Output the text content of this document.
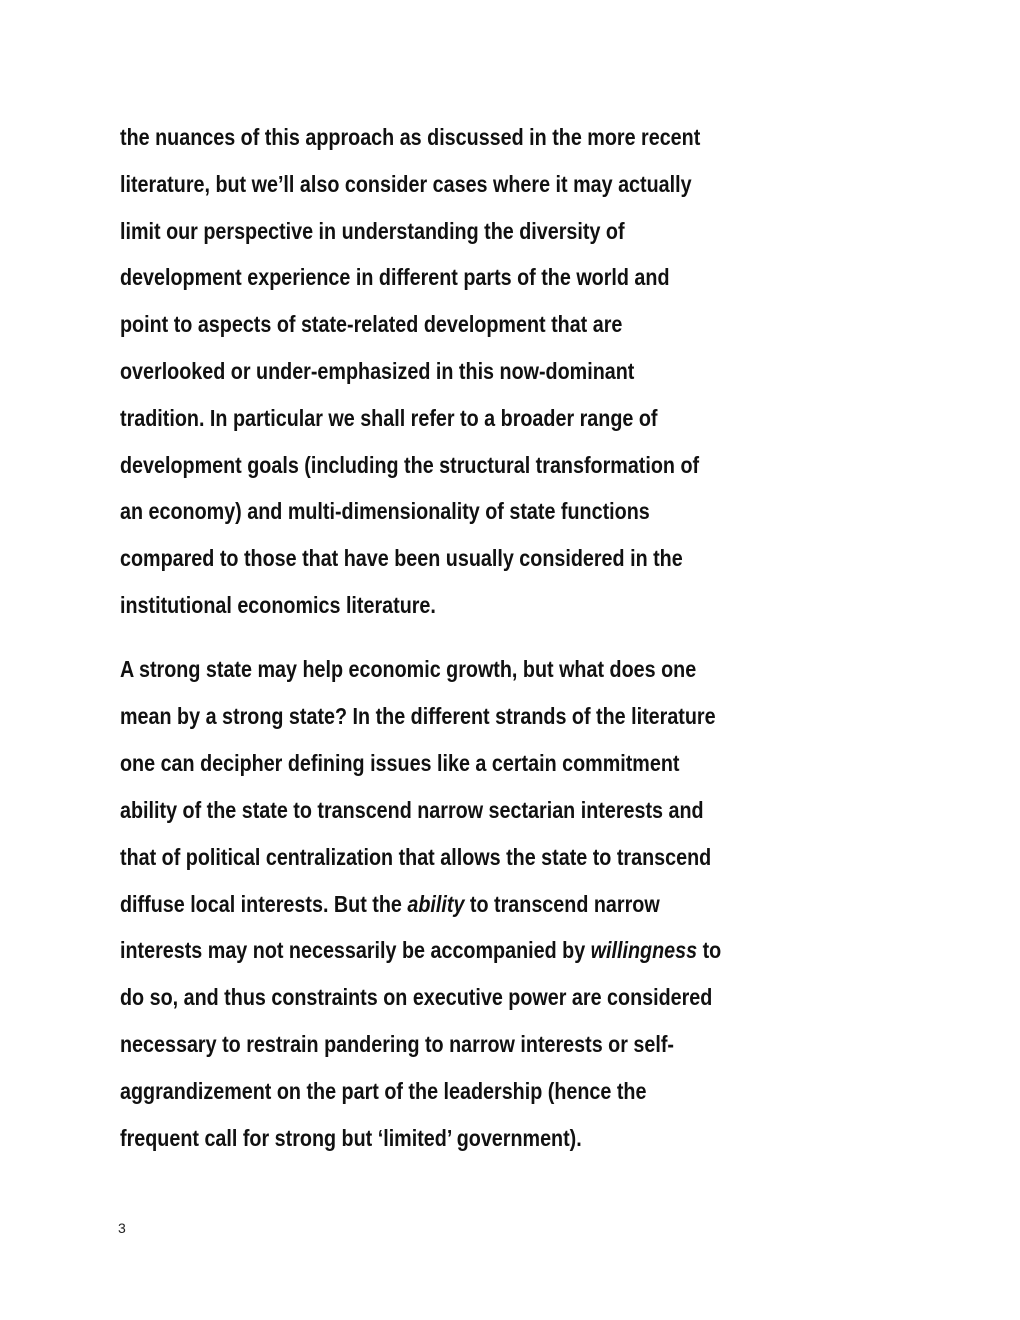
the nuances of this approach as discussed in the more recent
literature, but we’ll also consider cases where it may actually
limit our perspective in understanding the diversity of
development experience in different parts of the world and
point to aspects of state-related development that are
overlooked or under-emphasized in this now-dominant
tradition. In particular we shall refer to a broader range of
development goals (including the structural transformation of
an economy) and multi-dimensionality of state functions
compared to those that have been usually considered in the
institutional economics literature.
A strong state may help economic growth, but what does one
mean by a strong state? In the different strands of the literature
one can decipher defining issues like a certain commitment
ability of the state to transcend narrow sectarian interests and
that of political centralization that allows the state to transcend
diffuse local interests. But the ability to transcend narrow
interests may not necessarily be accompanied by willingness to
do so, and thus constraints on executive power are considered
necessary to restrain pandering to narrow interests or self-
aggrandizement on the part of the leadership (hence the
frequent call for strong but ‘limited’ government).
3
